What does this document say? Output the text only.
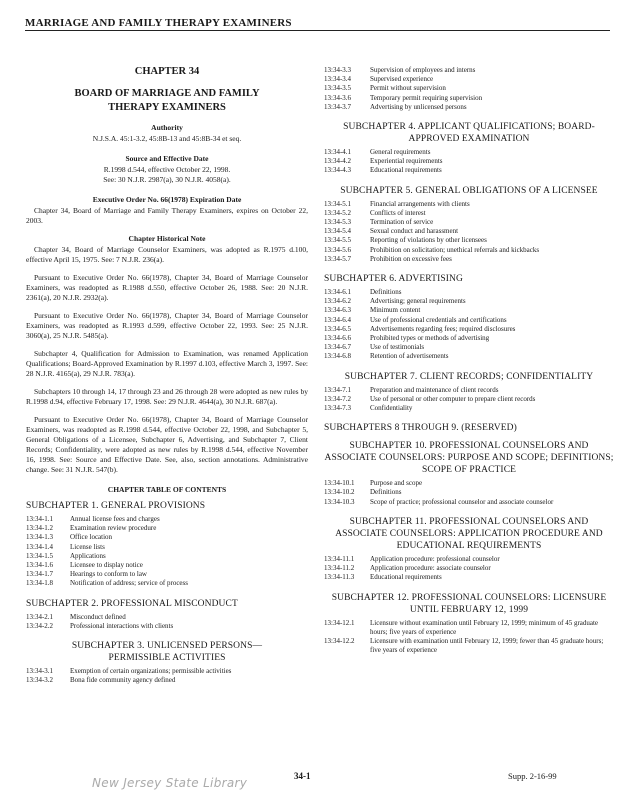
MARRIAGE AND FAMILY THERAPY EXAMINERS

CHAPTER 34

BOARD OF MARRIAGE AND FAMILY THERAPY EXAMINERS

Authority

N.J.S.A. 45:1-3.2, 45:8B-13 and 45:8B-34 et seq.

Source and Effective Date

R.1998 d.544, effective October 22, 1998.

See: 30 N.J.R. 2987(a), 30 N.J.R. 4058(a).

Executive Order No. 66(1978) Expiration Date

Chapter 34, Board of Marriage and Family Therapy Examiners, expires on October 22, 2003.

Chapter Historical Note

Chapter 34, Board of Marriage Counselor Examiners, was adopted as R.1975 d.100, effective April 15, 1975. See: 7 N.J.R. 236(a).

Pursuant to Executive Order No. 66(1978), Chapter 34, Board of Marriage Counselor Examiners, was readopted as R.1988 d.550, effective October 26, 1988. See: 20 N.J.R. 2361(a), 20 N.J.R. 2932(a).

Pursuant to Executive Order No. 66(1978), Chapter 34, Board of Marriage Counselor Examiners, was readopted as R.1993 d.599, effective October 22, 1993. See: 25 N.J.R. 3060(a), 25 N.J.R. 5485(a).

Subchapter 4, Qualification for Admission to Examination, was renamed Application Qualifications; Board-Approved Examination by R.1997 d.103, effective March 3, 1997. See: 28 N.J.R. 4165(a), 29 N.J.R. 783(a).

Subchapters 10 through 14, 17 through 23 and 26 through 28 were adopted as new rules by R.1998 d.94, effective February 17, 1998. See: 29 N.J.R. 4644(a), 30 N.J.R. 687(a).

Pursuant to Executive Order No. 66(1978), Chapter 34, Board of Marriage Counselor Examiners, was readopted as R.1998 d.544, effective October 22, 1998, and Subchapter 5, General Obligations of a Licensee, Subchapter 6, Advertising, and Subchapter 7, Client Records; Confidentiality, were adopted as new rules by R.1998 d.544, effective November 16, 1998. See: Source and Effective Date. See, also, section annotations. Administrative change. See: 31 N.J.R. 547(b).

CHAPTER TABLE OF CONTENTS

SUBCHAPTER 1. GENERAL PROVISIONS

13:34-1.1	Annual license fees and charges
13:34-1.2	Examination review procedure
13:34-1.3	Office location
13:34-1.4	License lists
13:34-1.5	Applications
13:34-1.6	Licensee to display notice
13:34-1.7	Hearings to conform to law
13:34-1.8	Notification of address; service of process

SUBCHAPTER 2. PROFESSIONAL MISCONDUCT

13:34-2.1	Misconduct defined
13:34-2.2	Professional interactions with clients

SUBCHAPTER 3. UNLICENSED PERSONS—PERMISSIBLE ACTIVITIES

13:34-3.1	Exemption of certain organizations; permissible activities
13:34-3.2	Bona fide community agency defined
13:34-3.3	Supervision of employees and interns
13:34-3.4	Supervised experience
13:34-3.5	Permit without supervision
13:34-3.6	Temporary permit requiring supervision
13:34-3.7	Advertising by unlicensed persons

SUBCHAPTER 4. APPLICANT QUALIFICATIONS; BOARD-APPROVED EXAMINATION

13:34-4.1	General requirements
13:34-4.2	Experiential requirements
13:34-4.3	Educational requirements

SUBCHAPTER 5. GENERAL OBLIGATIONS OF A LICENSEE

13:34-5.1	Financial arrangements with clients
13:34-5.2	Conflicts of interest
13:34-5.3	Termination of service
13:34-5.4	Sexual conduct and harassment
13:34-5.5	Reporting of violations by other licensees
13:34-5.6	Prohibition on solicitation; unethical referrals and kickbacks
13:34-5.7	Prohibition on excessive fees

SUBCHAPTER 6. ADVERTISING

13:34-6.1	Definitions
13:34-6.2	Advertising; general requirements
13:34-6.3	Minimum content
13:34-6.4	Use of professional credentials and certifications
13:34-6.5	Advertisements regarding fees; required disclosures
13:34-6.6	Prohibited types or methods of advertising
13:34-6.7	Use of testimonials
13:34-6.8	Retention of advertisements

SUBCHAPTER 7. CLIENT RECORDS; CONFIDENTIALITY

13:34-7.1	Preparation and maintenance of client records
13:34-7.2	Use of personal or other computer to prepare client records
13:34-7.3	Confidentiality

SUBCHAPTERS 8 THROUGH 9. (RESERVED)

SUBCHAPTER 10. PROFESSIONAL COUNSELORS AND ASSOCIATE COUNSELORS: PURPOSE AND SCOPE; DEFINITIONS; SCOPE OF PRACTICE

13:34-10.1	Purpose and scope
13:34-10.2	Definitions
13:34-10.3	Scope of practice; professional counselor and associate counselor

SUBCHAPTER 11. PROFESSIONAL COUNSELORS AND ASSOCIATE COUNSELORS: APPLICATION PROCEDURE AND EDUCATIONAL REQUIREMENTS

13:34-11.1	Application procedure: professional counselor
13:34-11.2	Application procedure: associate counselor
13:34-11.3	Educational requirements

SUBCHAPTER 12. PROFESSIONAL COUNSELORS: LICENSURE UNTIL FEBRUARY 12, 1999

13:34-12.1	Licensure without examination until February 12, 1999; minimum of 45 graduate hours; five years of experience
13:34-12.2	Licensure with examination until February 12, 1999; fewer than 45 graduate hours; five years of experience
New Jersey State Library	34-1	Supp. 2-16-99
